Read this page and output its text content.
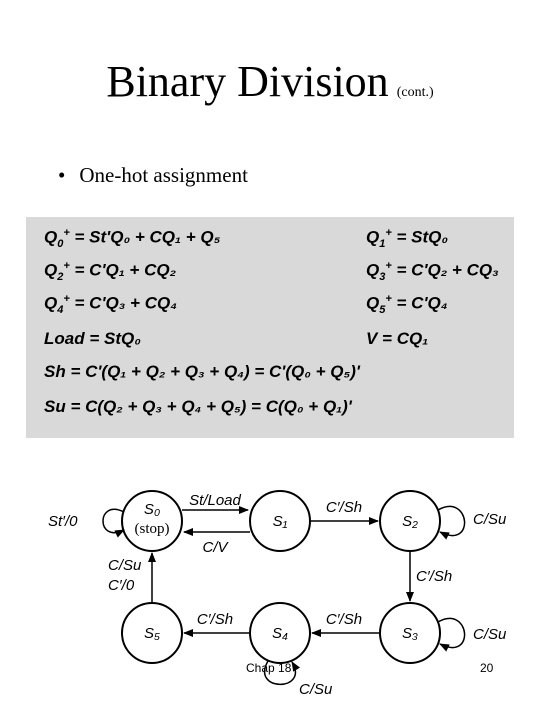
Binary Division (cont.)
• One-hot assignment
$Q_0^+ = St'Q_0 + CQ_1 + Q_5$	$Q_1^+ = StQ_0$
$Q_2^+ = C'Q_1 + CQ_2$	$Q_3^+ = C'Q_2 + CQ_3$
$Q_4^+ = C'Q_3 + CQ_4$	$Q_5^+ = C'Q_4$
Load = StQ₀	V = CQ₁
Sh = C'(Q₁ + Q₂ + Q₃ + Q₄) = C'(Q₀ + Q₅)'
Su = C(Q₂ + Q₃ + Q₄ + Q₅) = C(Q₀ + Q₁)'
S₀
(stop)	S₁	S₂
S₃
S₄
S₅
St/Load
C/V
C′/Sh
C′/Sh
C′/Sh
C′/Sh
C/Su
C′/0
St′/0	C/Su
C/Su
C/Su
Chap 18	20
